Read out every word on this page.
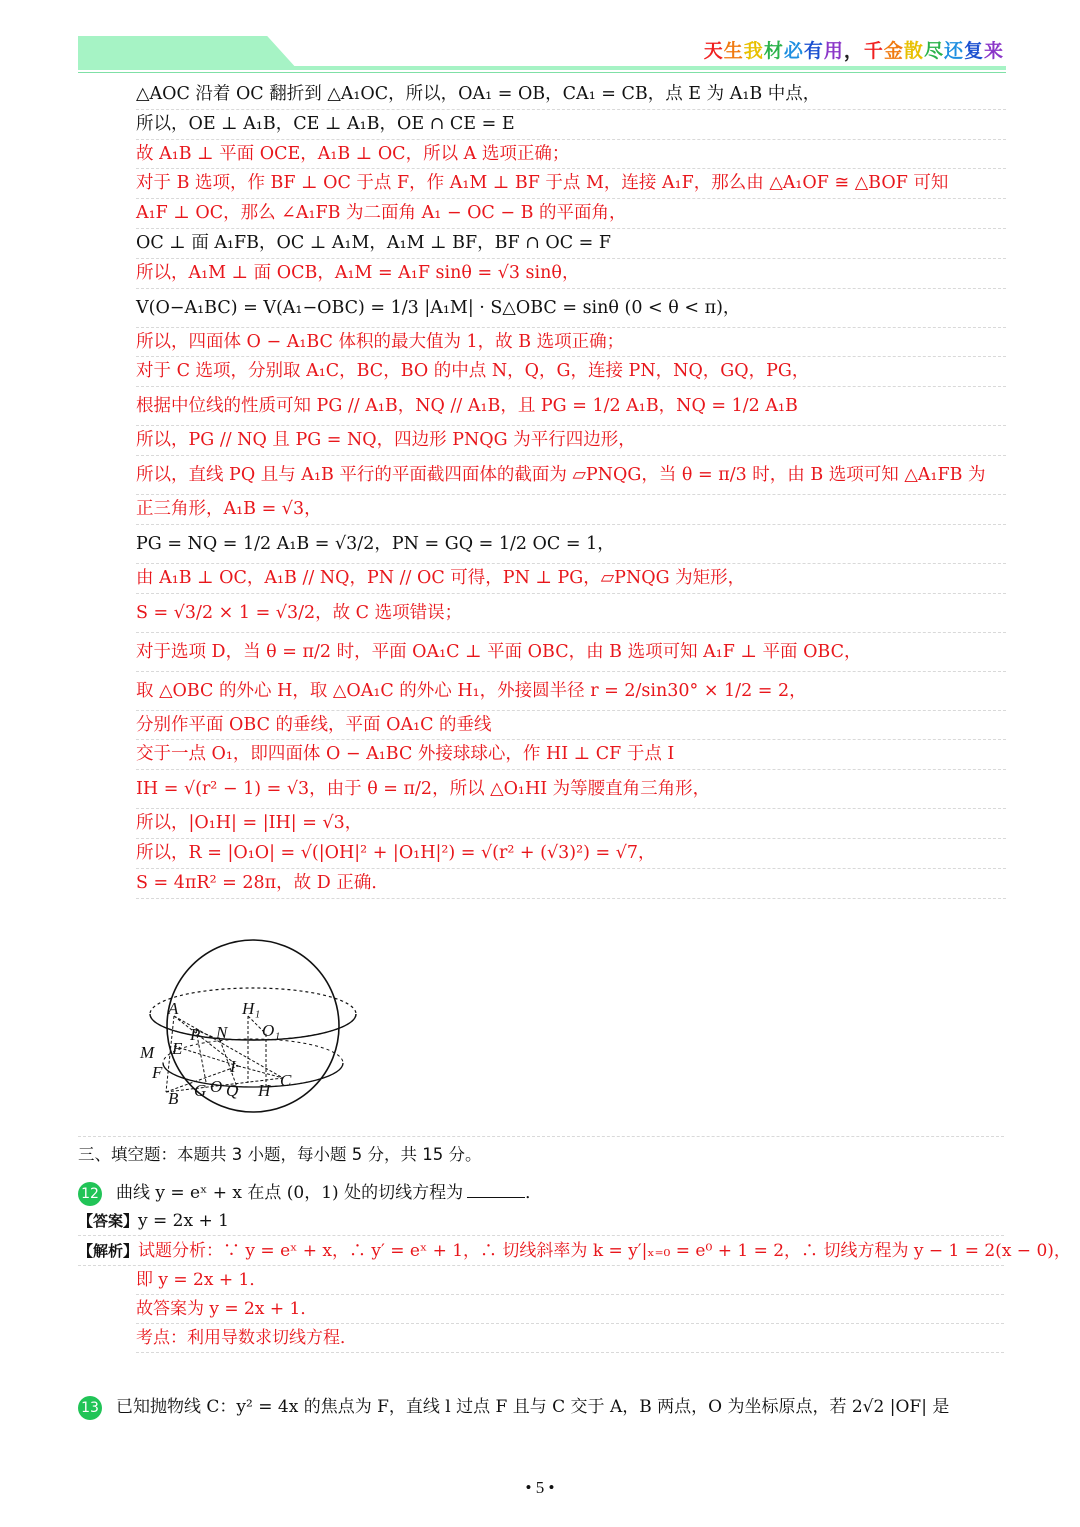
天生我材必有用，千金散尽还复来
△AOC 沿着 OC 翻折到 △A₁OC，所以，OA₁ = OB，CA₁ = CB，点 E 为 A₁B 中点，
所以，OE ⊥ A₁B，CE ⊥ A₁B，OE ∩ CE = E
故 A₁B ⊥ 平面 OCE，A₁B ⊥ OC，所以 A 选项正确；
对于 B 选项，作 BF ⊥ OC 于点 F，作 A₁M ⊥ BF 于点 M，连接 A₁F，那么由 △A₁OF ≅ △BOF 可知
A₁F ⊥ OC，那么 ∠A₁FB 为二面角 A₁ − OC − B 的平面角，
OC ⊥ 面 A₁FB，OC ⊥ A₁M，A₁M ⊥ BF，BF ∩ OC = F
所以，A₁M ⊥ 面 OCB，A₁M = A₁F sinθ = √3 sinθ，
V(O−A₁BC) = V(A₁−OBC) = 1/3 |A₁M| · S△OBC = sinθ (0 < θ < π)，
所以，四面体 O − A₁BC 体积的最大值为 1，故 B 选项正确；
对于 C 选项，分别取 A₁C，BC，BO 的中点 N，Q，G，连接 PN，NQ，GQ，PG，
根据中位线的性质可知 PG // A₁B，NQ // A₁B，且 PG = 1/2 A₁B，NQ = 1/2 A₁B
所以，PG // NQ 且 PG = NQ，四边形 PNQG 为平行四边形，
所以，直线 PQ 且与 A₁B 平行的平面截四面体的截面为 ▱PNQG，当 θ = π/3 时，由 B 选项可知 △A₁FB 为
正三角形，A₁B = √3，
PG = NQ = 1/2 A₁B = √3/2，PN = GQ = 1/2 OC = 1，
由 A₁B ⊥ OC，A₁B // NQ，PN // OC 可得，PN ⊥ PG，▱PNQG 为矩形，
S = √3/2 × 1 = √3/2，故 C 选项错误；
对于选项 D，当 θ = π/2 时，平面 OA₁C ⊥ 平面 OBC，由 B 选项可知 A₁F ⊥ 平面 OBC，
取 △OBC 的外心 H，取 △OA₁C 的外心 H₁，外接圆半径 r = 2/sin30° × 1/2 = 2，
分别作平面 OBC 的垂线，平面 OA₁C 的垂线
交于一点 O₁，即四面体 O − A₁BC 外接球球心，作 HI ⊥ CF 于点 I
IH = √(r² − 1) = √3，由于 θ = π/2，所以 △O₁HI 为等腰直角三角形，
所以，|O₁H| = |IH| = √3，
所以，R = |O₁O| = √(|OH|² + |O₁H|²) = √(r² + (√3)²) = √7，
S = 4πR² = 28π，故 D 正确．
A	H₁
P N O₁
M E
F	I
G O Q H
C
B
三、填空题：本题共 3 小题，每小题 5 分，共 15 分。
12 曲线 y = eˣ + x 在点 (0，1) 处的切线方程为	．
【答案】y = 2x + 1
【解析】试题分析：∵ y = eˣ + x，∴ y′ = eˣ + 1，∴ 切线斜率为 k = y′|ₓ₌₀ = e⁰ + 1 = 2，∴ 切线方程为 y − 1 = 2(x − 0)，
即 y = 2x + 1．
故答案为 y = 2x + 1．
考点：利用导数求切线方程．
13 已知抛物线 C：y² = 4x 的焦点为 F，直线 l 过点 F 且与 C 交于 A，B 两点，O 为坐标原点，若 2√2 |OF| 是
• 5 •
